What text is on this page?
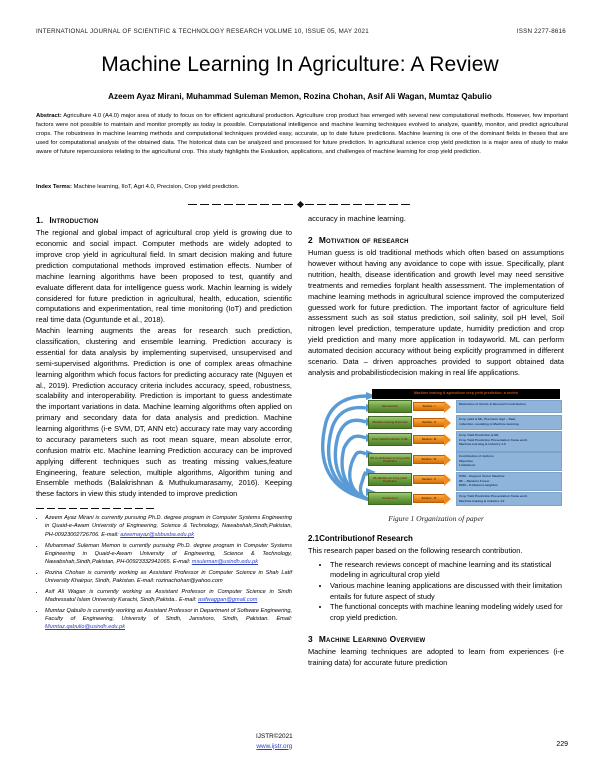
INTERNATIONAL JOURNAL OF SCIENTIFIC & TECHNOLOGY RESEARCH VOLUME 10, ISSUE 05, MAY 2021	ISSN 2277-8616
Machine Learning In Agriculture: A Review
Azeem Ayaz Mirani, Muhammad Suleman Memon, Rozina Chohan, Asif Ali Wagan, Mumtaz Qabulio
Abstract: Agriculture 4.0 (A4.0) major area of study to focus on for efficient agricultural production. Agriculture crop product has emerged with several new computational methods. However, few important factors were not possible to maintain and monitor promptly as today is possible. Computational intelligence and machine learning techniques evolved to analyze, quantify, monitor, and predict agricultural crops. The robustness in machine learning methods and computational techniques provided easy, accurate, up to date future predictions. Machine learning is one of the dominant fields in theses that are used for computational analysis of the obtained data. The historical data can be analyzed and processed for future prediction. In agricultural science crop yield prediction is a major area of study to make aware of future repercussions relating to the agricultural crop. This study highlights the Evaluation, applications, and challenges of machine learning for crop yield prediction.
Index Terms: Machine learning, IIoT, Agri 4.0, Precision, Crop yield prediction.
1. Introduction

The regional and global impact of agricultural crop yield is growing due to economic and social impact. Computer methods are widely adopted to improve crop yield in agricultural field. In smart decision making and future prediction computational methods improved estimation effects. Number of machine learning algorithms have been proposed to test, quantify and evaluate different data for intelligence guess work. Machin learning is widely considered for future prediction in agricultural, health, education, scientific computations and experimentation, real time monitoring (IoT) and prediction real time data (Oguntunde et al., 2018).

Machin learning augments the areas for research such prediction, classification, clustering and ensemble learning. Prediction accuracy is essential for data analysis by implementing supervised, unsupervised and semi-supervised algorithms. Prediction is one of complex areas ofmachine learning algorithm which focus factors for predicting accuracy rate (Nguyen et al., 2019). Prediction accuracy criteria includes accuracy, speed, robustness, scalability and interoperability. Prediction is important to guess andestimate the important variations in data. Machine learning algorithms often applied on primary and secondary data for data analysis and prediction. Machine learning algorithms (i-e SVM, DT, ANN etc) accuracy rate may vary according to accuracy parameters such as root mean square, mean absolute error, confusion matrix etc. Machine learning Prediction accuracy can be improved applying different techniques such as treating missing values,feature Engineering, feature selection, multiple algorithms, Algorithm tuning and Ensemble methods (Balakrishnan & Muthukumarasamy, 2016). Keeping these factors in view this study intended to improve prediction

• Azeem Ayaz Mirani is currently pursuing Ph.D. degree program in Computer Systems Engineering in Quaid-e-Awam University of Engineering, Science & Technology, Nawabshah,Sindh,Pakistan, PH-00923002726706. E-mail: azeemayaz@sbbusba.edu.pk
• Muhammad Suleman Memon is currently pursuing Ph.D. degree program in Computer Systems Engineering in Quaid-e-Awam University of Engineering, Science & Technology, Nawabshah,Sindh,Pakistan, PH-00923332941065. E-mail: msuleman@usindh.edu.pk
• Rozina Chohan is currently working as Assistant Professor in Computer Science in Shah Latif University Khairpur, Sindh, Pakistan. E-mail: rozinachohan@yahoo.com
• Asif Ali Wagan is currently working as Assistant Professor in Computer Science in Sindh Madressatul Islam University Karachi, Sindh,Pakista.. E-mail: asifwaggan@gmail.com
• Mumtaz Qabulio is currently working as Assistant Professor in Department of Software Engineering, Faculty of Engineering, University of Sindh, Jamshoro, Sindh, Pakistan. Email: Mumtaz.qabulio@usindh.edu.pk

accuracy in machine learning.

2 Motivation of research

Human guess is old traditional methods which often based on assumptions however without having any avoidance to cope with issue. Specifically, plant nutrition, health, disease identification and growth level may need sensitive treatments and remedies forplant health assessment. The implementation of machine learning methods in agricultural science improved the computerized guessed work for future prediction. The important factor of agriculture field assessment such as soil status prediction, soil salinity, soil pH level, Soil nitrogen level prediction, temperature update, humidity prediction and crop yield prediction and many more application in todayworld. ML can perform automated decision accuracy without being explicitly programmed in different scenario. Data – driven approaches provided to support obtained data analysis and probabilisticdecision making in real life applications.

Machine leaning & agriculture crop yield prediction: a review
Introduction	Section - I
Motivation of Article & Research Contribution
Machine leaning Overview	Section - II
Crop yield & ML, Precision Agri – Data
collection, modeling in Machine learning
Crop Yield Prediction in ML	Section - III
Crop Yield Prediction & ML
Crop Yield Prediction Presentation frame work
Machine learning & industry 4.0
ML Contribution in Crop yield Prediction	Section - IV
Contribution of Authors
Objective
Limitations
ML Models for Crop yield Prediction	Section - V
SVM – Support Vector Machine
RF – Random Forest
KNN – K-Nearest neighbor
Conclusion	Section - VI
Crop Yield Prediction Presentation frame work
Machine leaning & industry 4.0
Figure 1 Organization of paper
2.1Contributionof Research

This research paper based on the following research contribution.

• The research reviews concept of machine learning and its statistical modeling in agricultural crop yield
• Various machine leaning applications are discussed with their limitation entails for future aspect of study
• The functional concepts with machine leaning modeling widely used for crop yield prediction.
3 Machine Learning Overview

Machine learning techniques are adopted to learn from experiences (i-e training data) for accurate future prediction

229
IJSTR©2021
www.ijstr.org
